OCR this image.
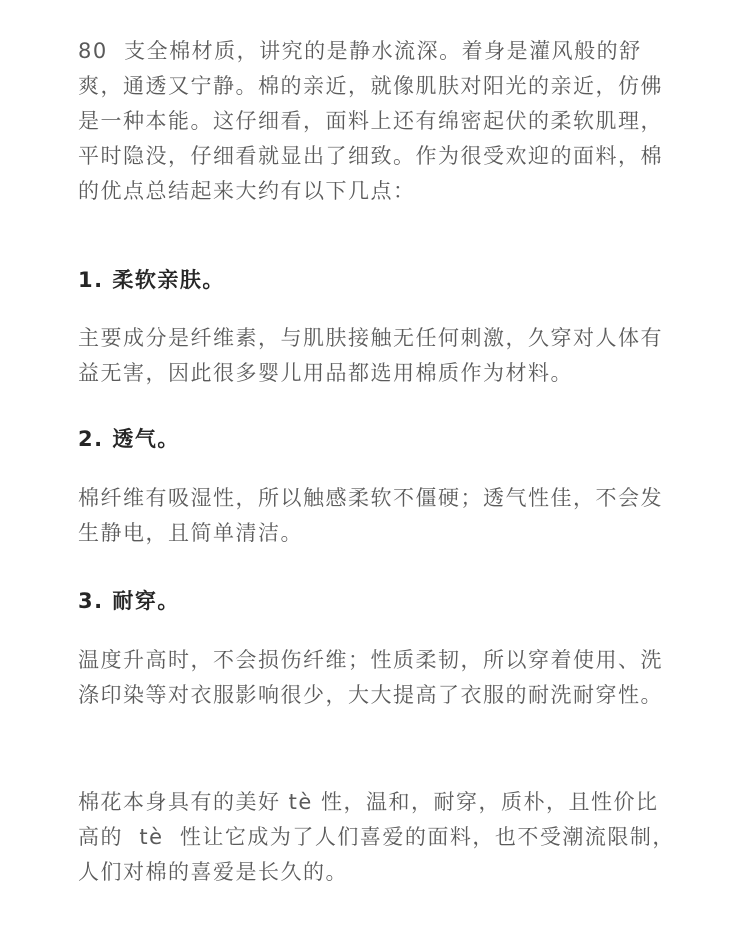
80  支全棉材质，讲究的是静水流深。着身是灌风般的舒爽，通透又宁静。棉的亲近，就像肌肤对阳光的亲近，仿佛是一种本能。这仔细看，面料上还有绵密起伏的柔软肌理，平时隐没，仔细看就显出了细致。作为很受欢迎的面料，棉的优点总结起来大约有以下几点：

1. 柔软亲肤。

主要成分是纤维素，与肌肤接触无任何刺激，久穿对人体有益无害，因此很多婴儿用品都选用棉质作为材料。

2. 透气。

棉纤维有吸湿性，所以触感柔软不僵硬；透气性佳，不会发生静电，且简单清洁。

3. 耐穿。

温度升高时，不会损伤纤维；性质柔韧，所以穿着使用、洗涤印染等对衣服影响很少，大大提高了衣服的耐洗耐穿性。

棉花本身具有的美好 tè 性，温和，耐穿，质朴，且性价比高的  tè  性让它成为了人们喜爱的面料，也不受潮流限制，人们对棉的喜爱是长久的。
